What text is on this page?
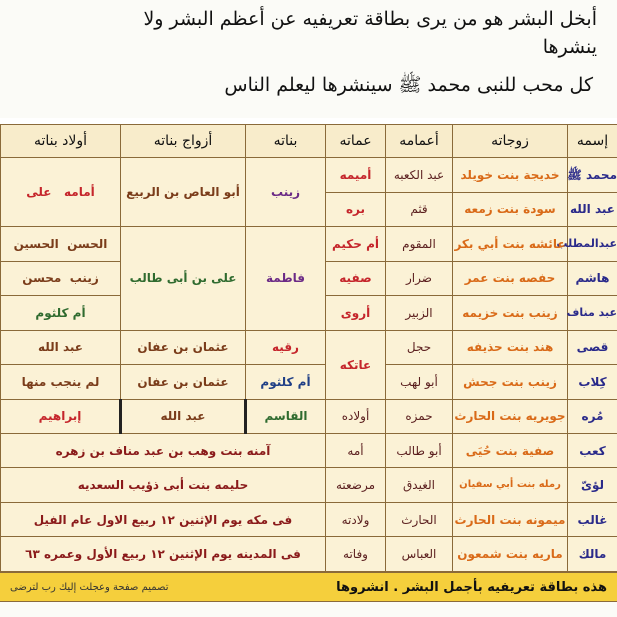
أبخل البشر هو من يرى بطاقة تعريفيه عن أعظم البشر ولا
ينشرها
كل محب للنبى محمد ﷺ سينشرها ليعلم الناس
إسمه	زوجاته	أعمامه	عماته	بناته	أزواج بناته	أولاد بناته
محمد ﷺ	خديجة بنت خويلد	عبد الكعبه	أميمه	زينب	أبو العاص بن الربيع	أمامه   على
عبد الله	سودة بنت زمعه	قثم	بره			
عبدالمطلب	عائشه بنت أبي بكر	المقوم	أم حكيم	فاطمة	على بن أبى طالب	الحسن  الحسين
هاشم	حفصه بنت عمر	ضرار	صفيه			زينب  محسن
عبد مناف	زينب بنت خزيمه	الزبير	أروى			أم كلثوم
قصى	هند بنت حذيفه	حجل	عاتكه	رقيه	عثمان بن عفان	عبد الله
كِلاب	زينب بنت جحش	أبو لهب		أم كلثوم	عثمان بن عفان	لم ينجب منها
مُره	جويريه بنت الحارث	حمزه	أولاده	القاسم	عبد الله	إبراهيم
كعب	صفية بنت حُيَى	أبو طالب	أمه	آمنه بنت وهب بن عبد مناف بن زهره		
لؤىّ	رمله بنت أبي سفيان	الغيدق	مرضعته	حليمه بنت أبى ذؤيب السعديه		
غالب	ميمونه بنت الحارث	الحارث	ولادته	فى مكه يوم الإثنين ١٢ ربيع الاول عام الفيل		
مالك	ماريه بنت شمعون	العباس	وفاته	فى المدينه يوم الإثنين ١٢ ربيع الأول وعمره ٦٣		
هذه بطاقة تعريفيه بأجمل البشر . انشروها
تصميم صفحة وعجلت إليك رب لترضى
